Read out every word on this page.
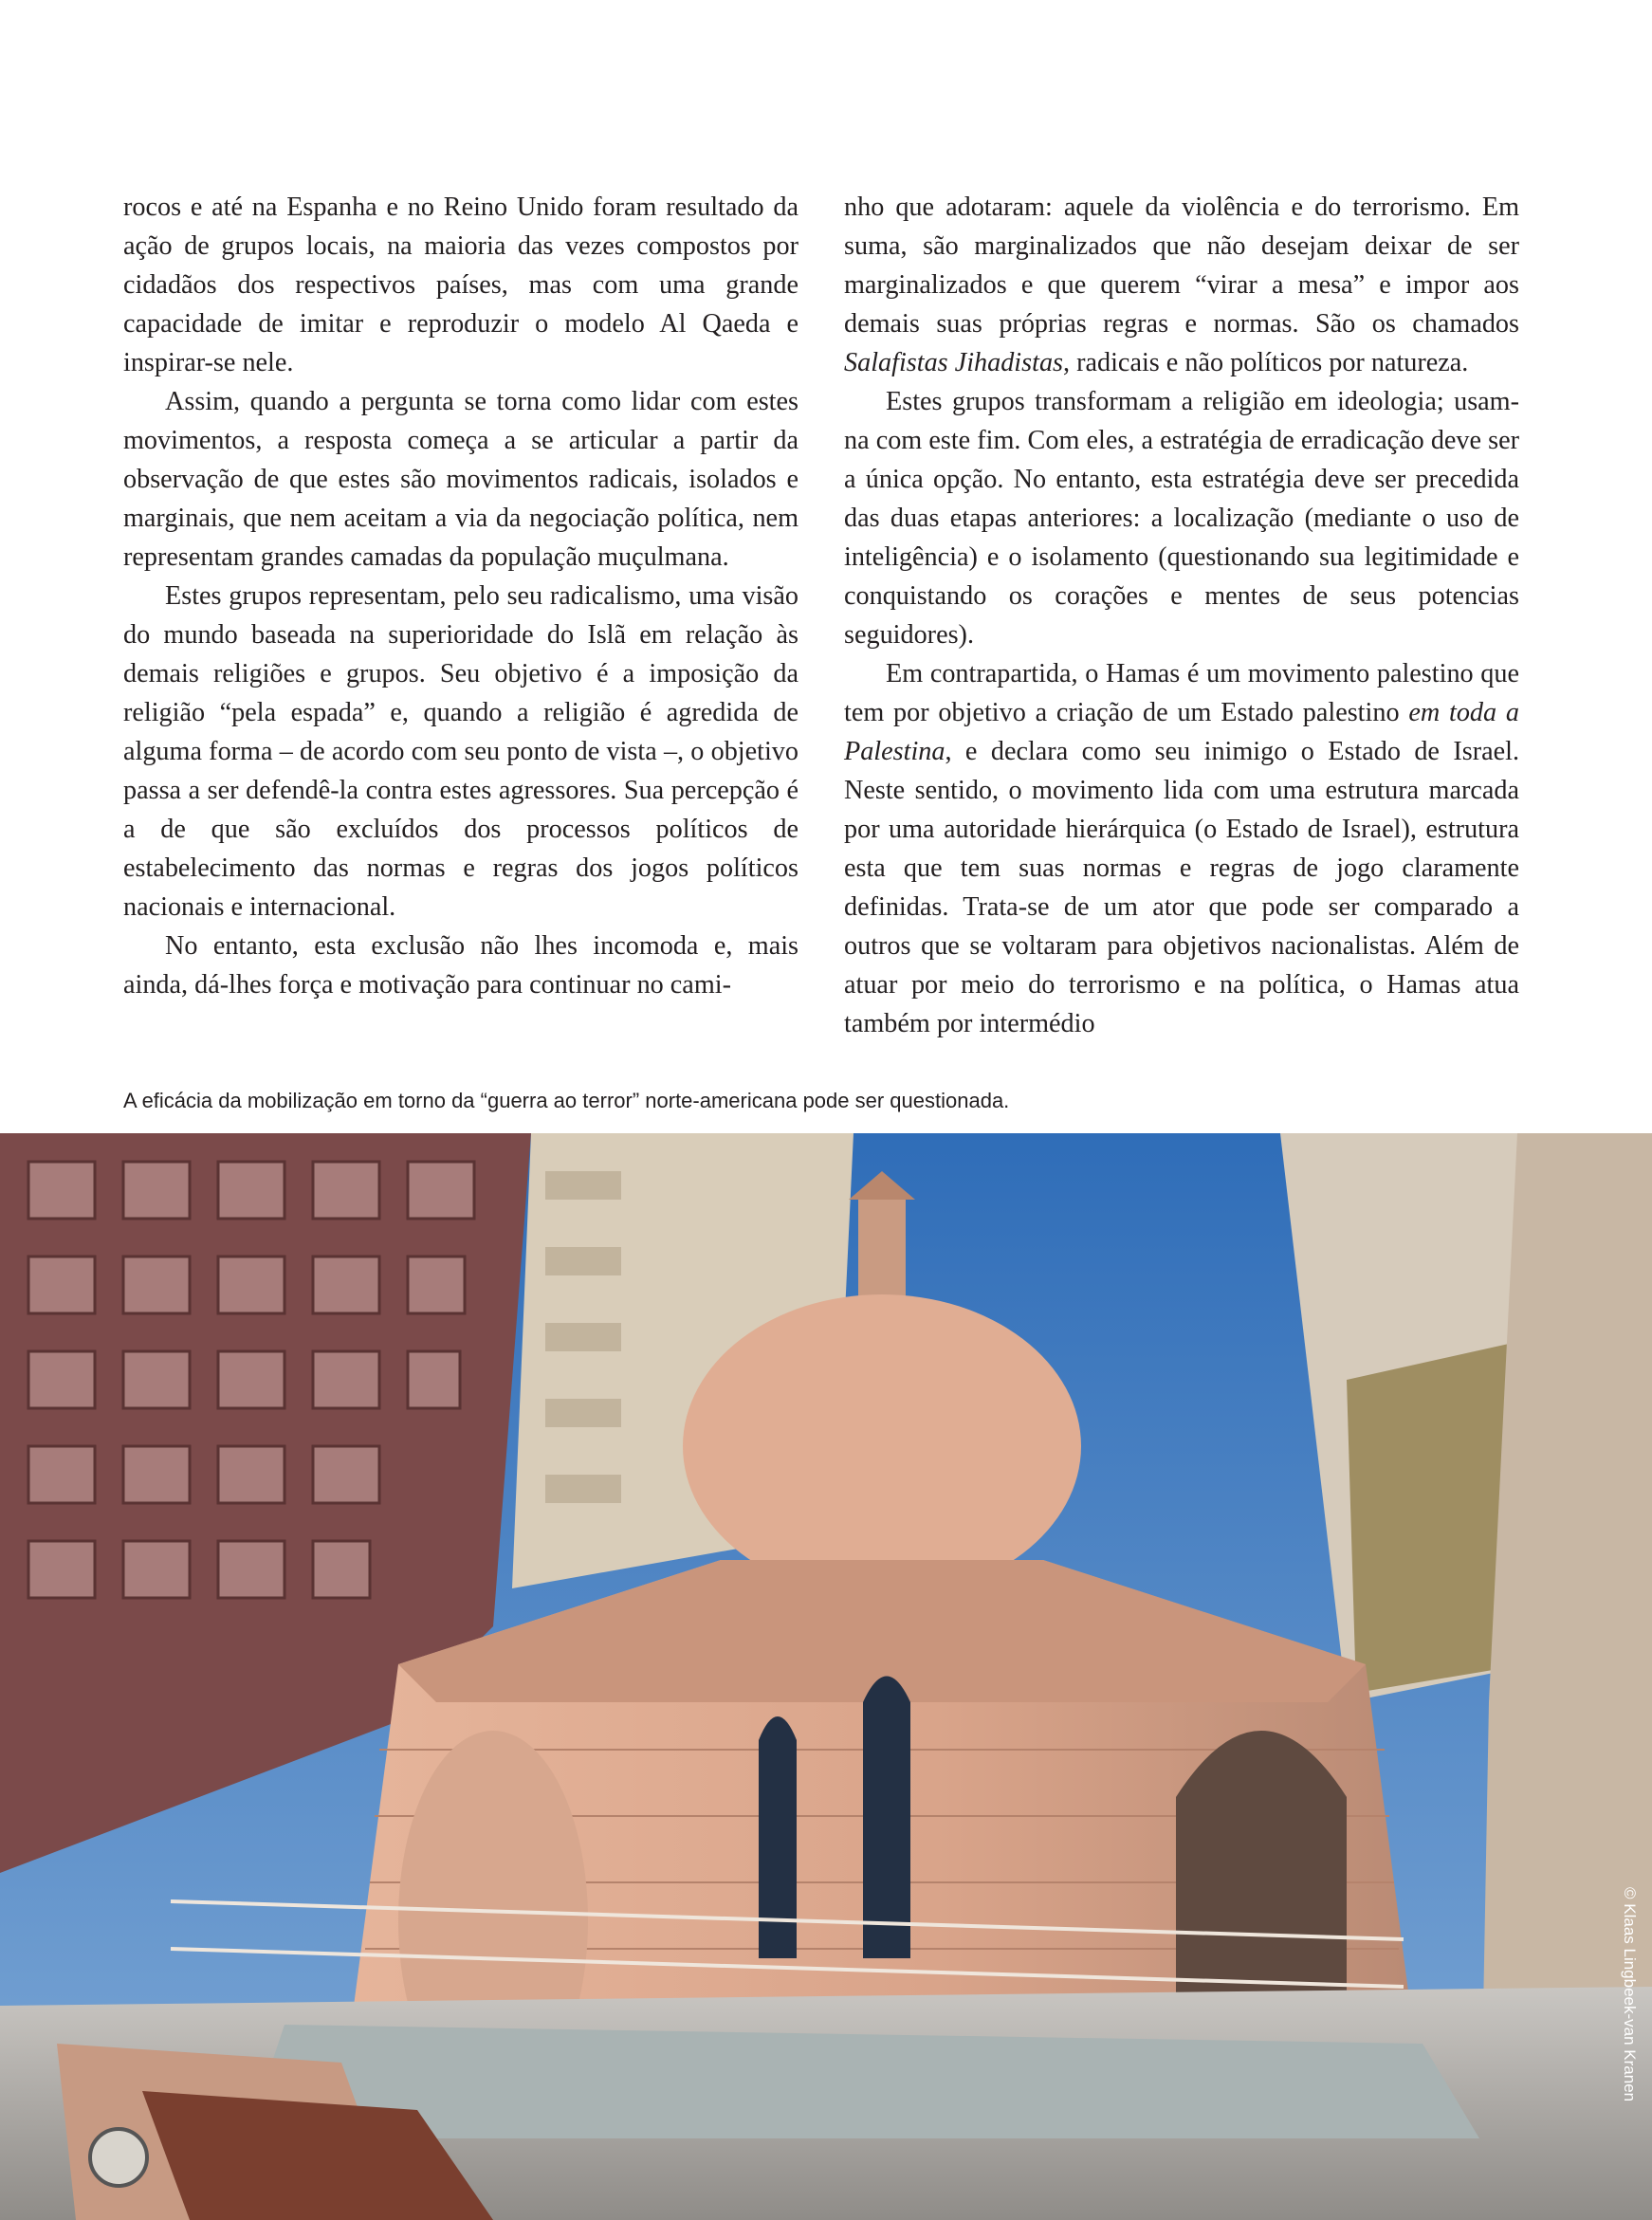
rocos e até na Espanha e no Reino Unido foram resultado da ação de grupos locais, na maioria das vezes compostos por cidadãos dos respectivos países, mas com uma grande capacidade de imitar e reproduzir o modelo Al Qaeda e inspirar-se nele.

Assim, quando a pergunta se torna como lidar com estes movimentos, a resposta começa a se articular a partir da observação de que estes são movimentos radicais, isolados e marginais, que nem aceitam a via da negociação política, nem representam grandes camadas da população muçulmana.

Estes grupos representam, pelo seu radicalismo, uma visão do mundo baseada na superioridade do Islã em relação às demais religiões e grupos. Seu objetivo é a imposição da religião “pela espada” e, quando a religião é agredida de alguma forma – de acordo com seu ponto de vista –, o objetivo passa a ser defendê-la contra estes agressores. Sua percepção é a de que são excluídos dos processos políticos de estabelecimento das normas e regras dos jogos políticos nacionais e internacional.

No entanto, esta exclusão não lhes incomoda e, mais ainda, dá-lhes força e motivação para continuar no cami-

nho que adotaram: aquele da violência e do terrorismo. Em suma, são marginalizados que não desejam deixar de ser marginalizados e que querem “virar a mesa” e impor aos demais suas próprias regras e normas. São os chamados Salafistas Jihadistas, radicais e não políticos por natureza.

Estes grupos transformam a religião em ideologia; usam-na com este fim. Com eles, a estratégia de erradicação deve ser a única opção. No entanto, esta estratégia deve ser precedida das duas etapas anteriores: a localização (mediante o uso de inteligência) e o isolamento (questionando sua legitimidade e conquistando os corações e mentes de seus potencias seguidores).

Em contrapartida, o Hamas é um movimento palestino que tem por objetivo a criação de um Estado palestino em toda a Palestina, e declara como seu inimigo o Estado de Israel. Neste sentido, o movimento lida com uma estrutura marcada por uma autoridade hierárquica (o Estado de Israel), estrutura esta que tem suas normas e regras de jogo claramente definidas. Trata-se de um ator que pode ser comparado a outros que se voltaram para objetivos nacionalistas. Além de atuar por meio do terrorismo e na política, o Hamas atua também por intermédio

A eficácia da mobilização em torno da “guerra ao terror” norte-americana pode ser questionada.
© Klaas Lingbeek-van Kranen
